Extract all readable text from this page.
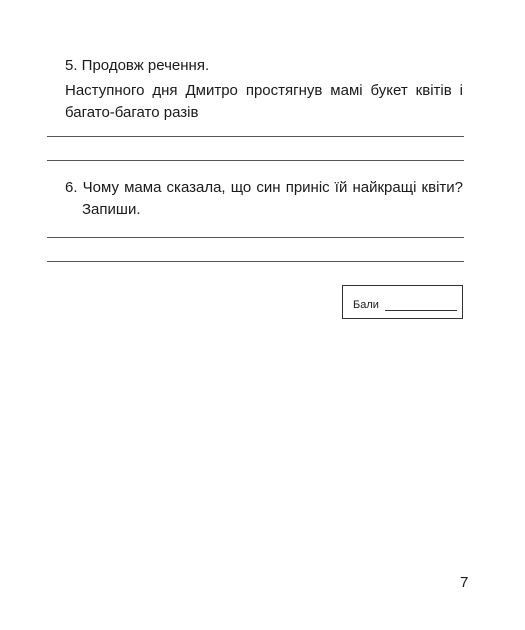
5. Продовж речення.
Наступного дня Дмитро простягнув мамі букет квітів і
багато-багато разів
6. Чому мама сказала, що син приніс їй найкращі квіти?
Запиши.
Бали
7
